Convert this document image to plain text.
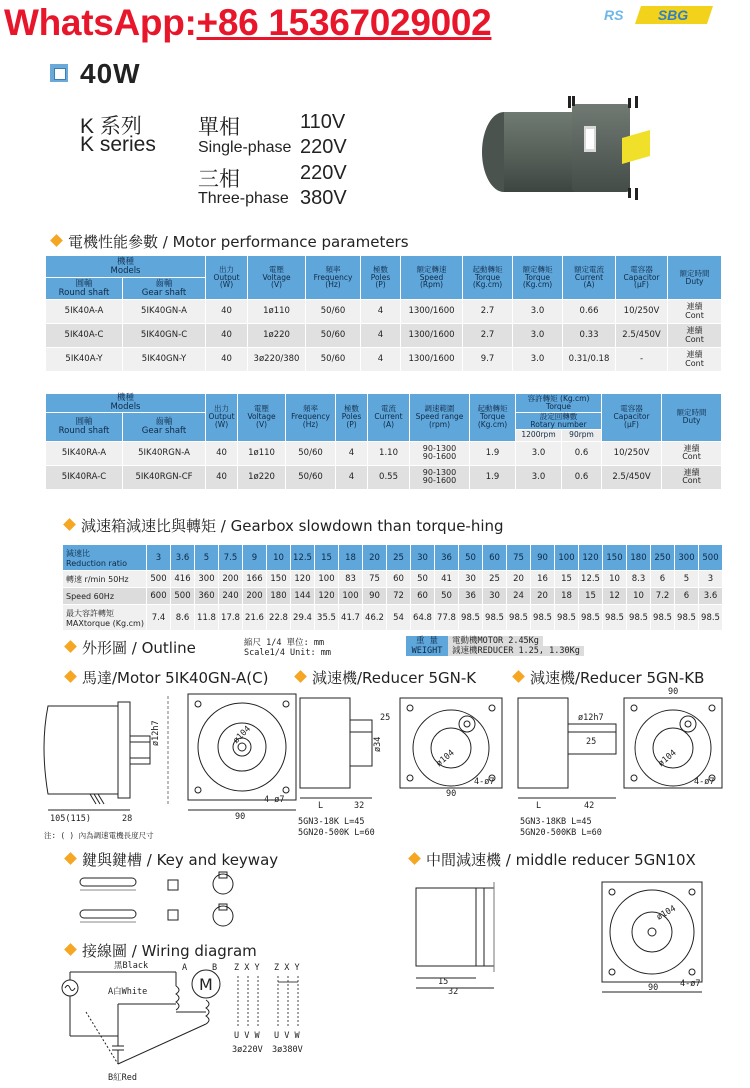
WhatsApp:+86 15367029002	RS SBG
40W
K 系列
K series
單相
Single-phase
三相
Three-phase
110V
220V
220V
380V
電機性能參數 / Motor performance parameters
機種
Models		出力
Output
(W)	電壓
Voltage
(V)	頻率
Frequency
(Hz)	極數
Poles
(P)	額定轉速
Speed
(Rpm)	起動轉矩
Torque
(Kg.cm)	額定轉矩
Torque
(Kg.cm)	額定電流
Current
(A)	電容器
Capacitor
(μF)	額定時間
Duty
圓軸
Round shaft	齒軸
Gear shaft										
5IK40A-A	5IK40GN-A	40	1ø110	50/60	4	1300/1600	2.7	3.0	0.66	10/250V	連續
Cont
5IK40A-C	5IK40GN-C	40	1ø220	50/60	4	1300/1600	2.7	3.0	0.33	2.5/450V	連續
Cont
5IK40A-Y	5IK40GN-Y	40	3ø220/380	50/60	4	1300/1600	9.7	3.0	0.31/0.18	-	連續
Cont
機種
Models		出力
Output
(W)	電壓
Voltage
(V)	頻率
Frequency
(Hz)	極數
Poles
(P)	電流
Current
(A)	調速範圍
Speed range
(rpm)	起動轉矩
Torque
(Kg.cm)	容許轉矩 (Kg.cm)
Torque		電容器
Capacitor
(μF)	額定時間
Duty
圓軸
Round shaft	齒軸
Gear shaft								設定回轉數
Rotary number			
									1200rpm	90rpm		
5IK40RA-A	5IK40RGN-A	40	1ø110	50/60	4	1.10	90-1300
90-1600	1.9	3.0	0.6	10/250V	連續
Cont
5IK40RA-C	5IK40RGN-CF	40	1ø220	50/60	4	0.55	90-1300
90-1600	1.9	3.0	0.6	2.5/450V	連續
Cont
減速箱減速比與轉矩 / Gearbox slowdown than torque-hing
減速比
Reduction ratio	3	3.6	5	7.5	9	10	12.5	15	18	20	25	30	36	50	60	75	90	100	120	150	180	250	300	500
轉速 r/min 50Hz	500	416	300	200	166	150	120	100	83	75	60	50	41	30	25	20	16	15	12.5	10	8.3	6	5	3
Speed 60Hz	600	500	360	240	200	180	144	120	100	90	72	60	50	36	30	24	20	18	15	12	10	7.2	6	3.6
最大容許轉矩
MAXtorque (Kg.cm)	7.4	8.6	11.8	17.8	21.6	22.8	29.4	35.5	41.7	46.2	54	64.8	77.8	98.5	98.5	98.5	98.5	98.5	98.5	98.5	98.5	98.5	98.5	98.5
外形圖 / Outline	縮尺 1/4 單位: mm
Scale1/4 Unit: mm
重 量	電動機MOTOR 2.45Kg
WEIGHT	減速機REDUCER 1.25, 1.30Kg
馬達/Motor 5IK40GN-A(C)	減速機/Reducer 5GN-K	減速機/Reducer 5GN-KB
105(115)	28	90
4-ø7
ø104
ø12h7
注: ( ) 內為調速電機長度尺寸
L	32
90
4-ø7
ø104
ø34
25
5GN3-18K L=45
5GN20-500K L=60
L	42
90
4-ø7
ø104
25
ø12h7
5GN3-18KB L=45
5GN20-500KB L=60
鍵與鍵槽 / Key and keyway	中間減速機 / middle reducer 5GN10X
15
32	90	4-ø7
ø104
接線圖 / Wiring diagram
黑Black
A白White
B紅Red
A	B
M
Z X Y Z X Y
U V W U V W
3ø220V 3ø380V
